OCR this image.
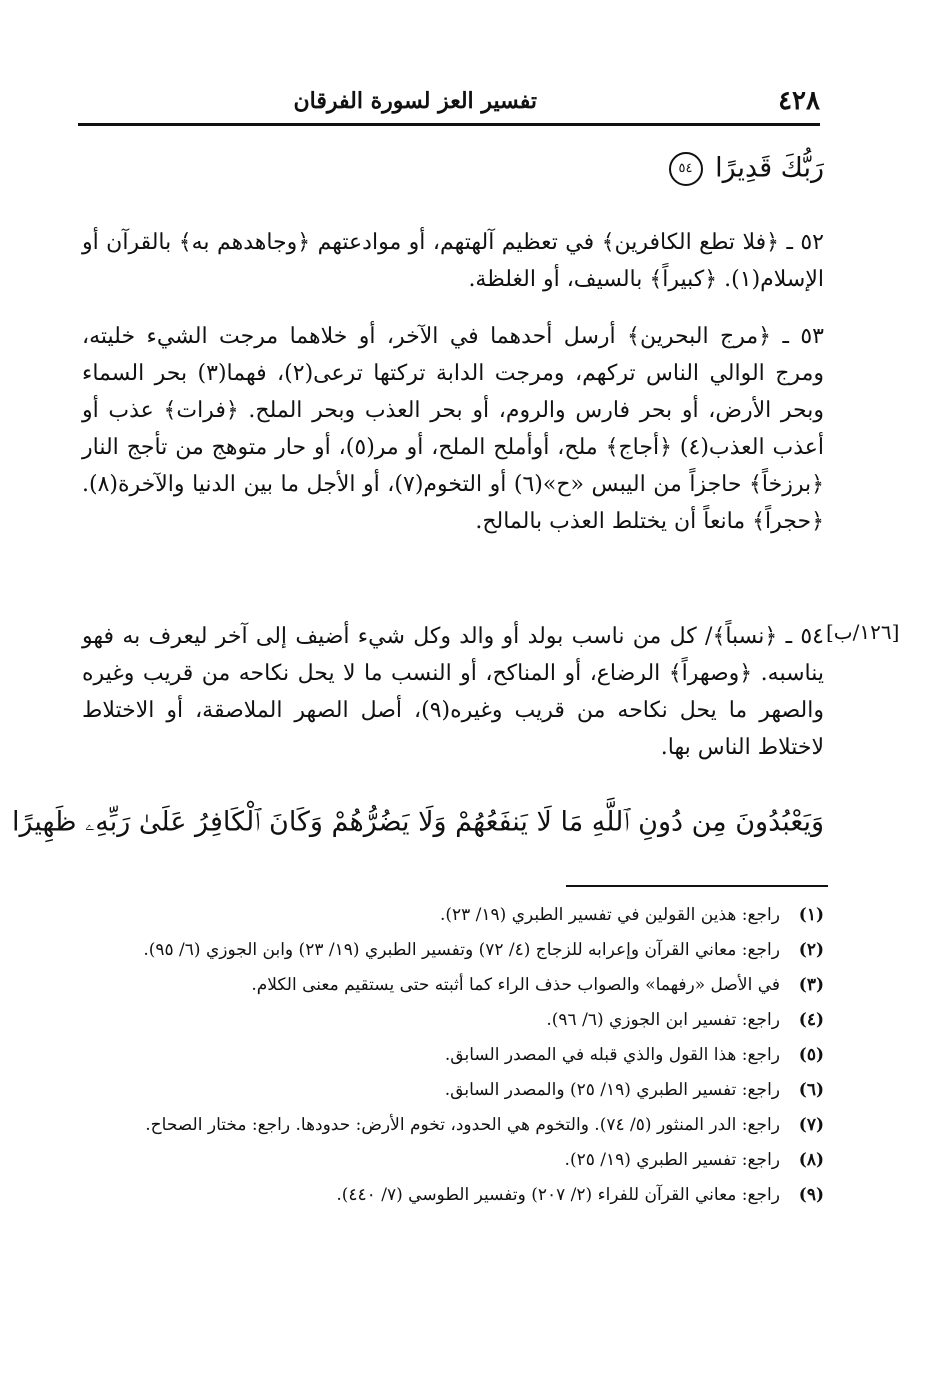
٤٢٨
تفسير العز لسورة الفرقان
رَبُّكَ قَدِيرًا ٥٤
٥٢ ـ ﴿فلا تطع الكافرين﴾ في تعظيم آلهتهم، أو موادعتهم ﴿وجاهدهم به﴾ بالقرآن أو الإسلام(١). ﴿كبيراً﴾ بالسيف، أو الغلظة.
٥٣ ـ ﴿مرج البحرين﴾ أرسل أحدهما في الآخر، أو خلاهما مرجت الشيء خليته، ومرج الوالي الناس تركهم، ومرجت الدابة تركتها ترعى(٢)، فهما(٣) بحر السماء وبحر الأرض، أو بحر فارس والروم، أو بحر العذب وبحر الملح. ﴿فرات﴾ عذب أو أعذب العذب(٤) ﴿أجاج﴾ ملح، أوأملح الملح، أو مر(٥)، أو حار متوهج من تأجج النار ﴿برزخاً﴾ حاجزاً من اليبس «ح»(٦) أو التخوم(٧)، أو الأجل ما بين الدنيا والآخرة(٨). ﴿حجراً﴾ مانعاً أن يختلط العذب بالمالح.
[١٢٦/ب]
٥٤ ـ ﴿نسباً﴾/ كل من ناسب بولد أو والد وكل شيء أضيف إلى آخر ليعرف به فهو يناسبه. ﴿وصهراً﴾ الرضاع، أو المناكح، أو النسب ما لا يحل نكاحه من قريب وغيره والصهر ما يحل نكاحه من قريب وغيره(٩)، أصل الصهر الملاصقة، أو الاختلاط لاختلاط الناس بها.
وَيَعْبُدُونَ مِن دُونِ ٱللَّهِ مَا لَا يَنفَعُهُمْ وَلَا يَضُرُّهُمْ وَكَانَ ٱلْكَافِرُ عَلَىٰ رَبِّهِۦ ظَهِيرًا
(١)
راجع: هذين القولين في تفسير الطبري (١٩/ ٢٣).
(٢)
راجع: معاني القرآن وإعرابه للزجاج (٤/ ٧٢) وتفسير الطبري (١٩/ ٢٣) وابن الجوزي (٦/ ٩٥).
(٣)
في الأصل «رفهما» والصواب حذف الراء كما أثبته حتى يستقيم معنى الكلام.
(٤)
راجع: تفسير ابن الجوزي (٦/ ٩٦).
(٥)
راجع: هذا القول والذي قبله في المصدر السابق.
(٦)
راجع: تفسير الطبري (١٩/ ٢٥) والمصدر السابق.
(٧)
راجع: الدر المنثور (٥/ ٧٤). والتخوم هي الحدود، تخوم الأرض: حدودها. راجع: مختار الصحاح.
(٨)
راجع: تفسير الطبري (١٩/ ٢٥).
(٩)
راجع: معاني القرآن للفراء (٢/ ٢٠٧) وتفسير الطوسي (٧/ ٤٤٠).
